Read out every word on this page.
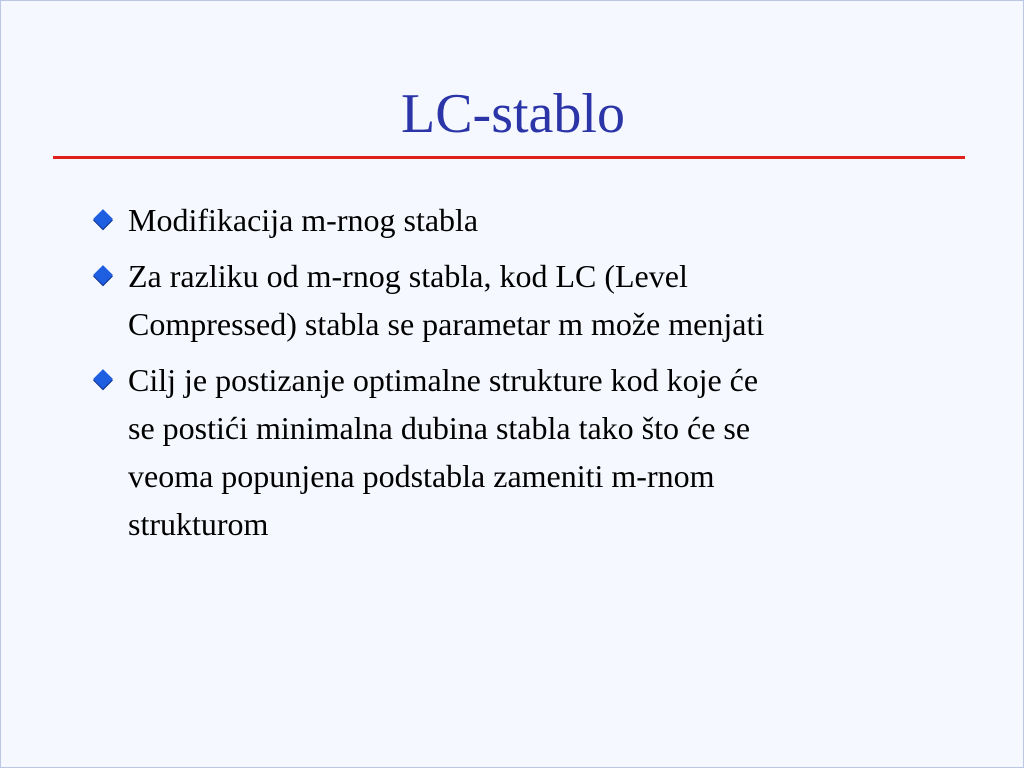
LC-stablo
Modifikacija m-rnog stabla
Za razliku od m-rnog stabla, kod LC (Level
Compressed) stabla se parametar m može menjati
Cilj je postizanje optimalne strukture kod koje će
se postići minimalna dubina stabla tako što će se
veoma popunjena podstabla zameniti m-rnom
strukturom
